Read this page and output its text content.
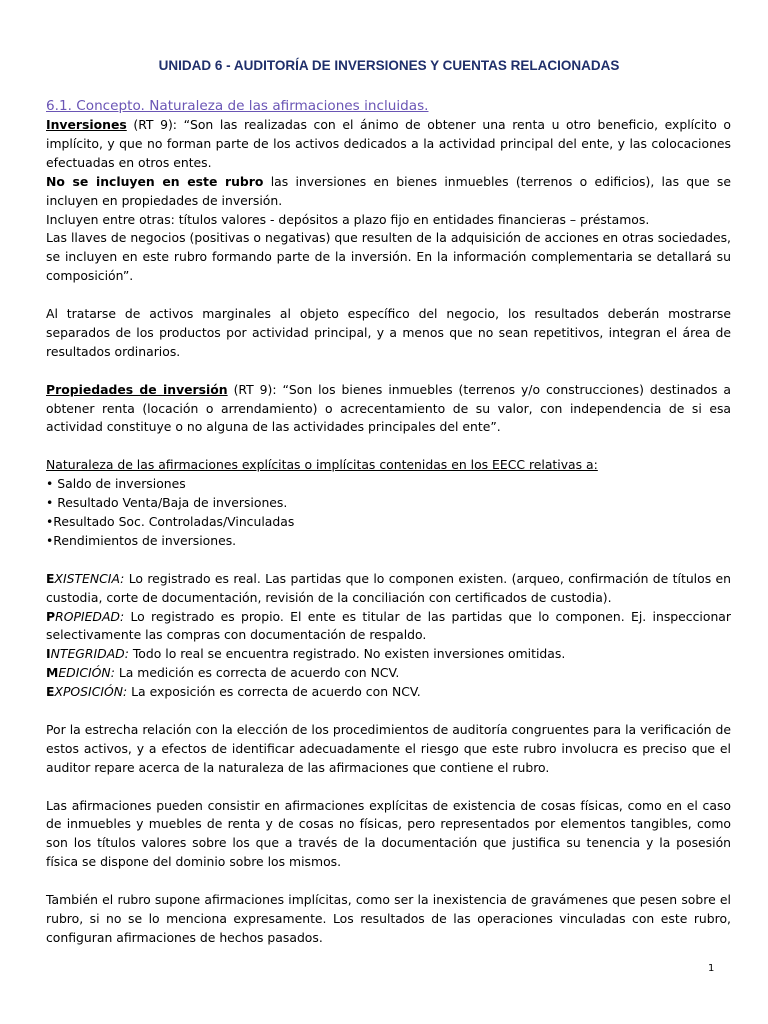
UNIDAD 6 - AUDITORÍA DE INVERSIONES Y CUENTAS RELACIONADAS
6.1. Concepto. Naturaleza de las afirmaciones incluidas.

Inversiones (RT 9): “Son las realizadas con el ánimo de obtener una renta u otro beneficio, explícito o implícito, y que no forman parte de los activos dedicados a la actividad principal del ente, y las colocaciones efectuadas en otros entes.

No se incluyen en este rubro las inversiones en bienes inmuebles (terrenos o edificios), las que se incluyen en propiedades de inversión.

Incluyen entre otras: títulos valores - depósitos a plazo fijo en entidades financieras – préstamos.

Las llaves de negocios (positivas o negativas) que resulten de la adquisición de acciones en otras sociedades, se incluyen en este rubro formando parte de la inversión. En la información complementaria se detallará su composición”.

Al tratarse de activos marginales al objeto específico del negocio, los resultados deberán mostrarse separados de los productos por actividad principal, y a menos que no sean repetitivos, integran el área de resultados ordinarios.

Propiedades de inversión (RT 9): “Son los bienes inmuebles (terrenos y/o construcciones) destinados a obtener renta (locación o arrendamiento) o acrecentamiento de su valor, con independencia de si esa actividad constituye o no alguna de las actividades principales del ente”.

Naturaleza de las afirmaciones explícitas o implícitas contenidas en los EECC relativas a:

• Saldo de inversiones

• Resultado Venta/Baja de inversiones.

•Resultado Soc. Controladas/Vinculadas

•Rendimientos de inversiones.

EXISTENCIA: Lo registrado es real. Las partidas que lo componen existen. (arqueo, confirmación de títulos en custodia, corte de documentación, revisión de la conciliación con certificados de custodia).

PROPIEDAD: Lo registrado es propio. El ente es titular de las partidas que lo componen. Ej. inspeccionar selectivamente las compras con documentación de respaldo.

INTEGRIDAD: Todo lo real se encuentra registrado. No existen inversiones omitidas.

MEDICIÓN: La medición es correcta de acuerdo con NCV.

EXPOSICIÓN: La exposición es correcta de acuerdo con NCV.

Por la estrecha relación con la elección de los procedimientos de auditoría congruentes para la verificación de estos activos, y a efectos de identificar adecuadamente el riesgo que este rubro involucra es preciso que el auditor repare acerca de la naturaleza de las afirmaciones que contiene el rubro.

Las afirmaciones pueden consistir en afirmaciones explícitas de existencia de cosas físicas, como en el caso de inmuebles y muebles de renta y de cosas no físicas, pero representados por elementos tangibles, como son los títulos valores sobre los que a través de la documentación que justifica su tenencia y la posesión física se dispone del dominio sobre los mismos.

También el rubro supone afirmaciones implícitas, como ser la inexistencia de gravámenes que pesen sobre el rubro, si no se lo menciona expresamente. Los resultados de las operaciones vinculadas con este rubro, configuran afirmaciones de hechos pasados.

1
